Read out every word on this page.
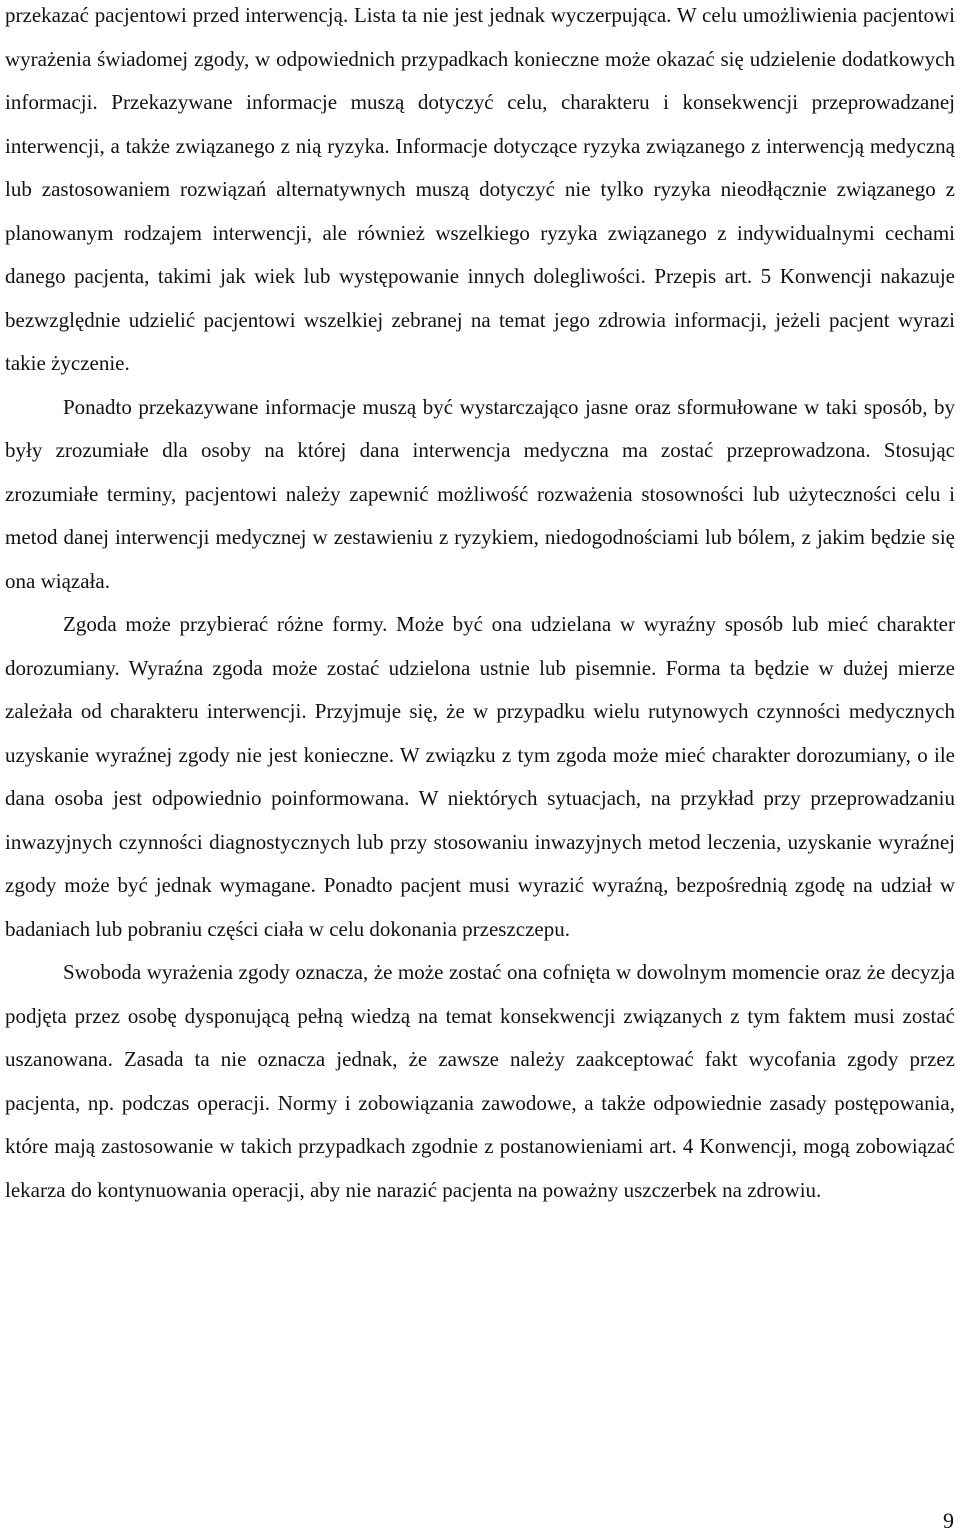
przekazać pacjentowi przed interwencją. Lista ta nie jest jednak wyczerpująca. W celu umożliwienia pacjentowi wyrażenia świadomej zgody, w odpowiednich przypadkach konieczne może okazać się udzielenie dodatkowych informacji. Przekazywane informacje muszą dotyczyć celu, charakteru i konsekwencji przeprowadzanej interwencji, a także związanego z nią ryzyka. Informacje dotyczące ryzyka związanego z interwencją medyczną lub zastosowaniem rozwiązań alternatywnych muszą dotyczyć nie tylko ryzyka nieodłącznie związanego z planowanym rodzajem interwencji, ale również wszelkiego ryzyka związanego z indywidualnymi cechami danego pacjenta, takimi jak wiek lub występowanie innych dolegliwości. Przepis art. 5 Konwencji nakazuje bezwzględnie udzielić pacjentowi wszelkiej zebranej na temat jego zdrowia informacji, jeżeli pacjent wyrazi takie życzenie.

Ponadto przekazywane informacje muszą być wystarczająco jasne oraz sformułowane w taki sposób, by były zrozumiałe dla osoby na której dana interwencja medyczna ma zostać przeprowadzona. Stosując zrozumiałe terminy, pacjentowi należy zapewnić możliwość rozważenia stosowności lub użyteczności celu i metod danej interwencji medycznej w zestawieniu z ryzykiem, niedogodnościami lub bólem, z jakim będzie się ona wiązała.

Zgoda może przybierać różne formy. Może być ona udzielana w wyraźny sposób lub mieć charakter dorozumiany. Wyraźna zgoda może zostać udzielona ustnie lub pisemnie. Forma ta będzie w dużej mierze zależała od charakteru interwencji. Przyjmuje się, że w przypadku wielu rutynowych czynności medycznych uzyskanie wyraźnej zgody nie jest konieczne. W związku z tym zgoda może mieć charakter dorozumiany, o ile dana osoba jest odpowiednio poinformowana. W niektórych sytuacjach, na przykład przy przeprowadzaniu inwazyjnych czynności diagnostycznych lub przy stosowaniu inwazyjnych metod leczenia, uzyskanie wyraźnej zgody może być jednak wymagane. Ponadto pacjent musi wyrazić wyraźną, bezpośrednią zgodę na udział w badaniach lub pobraniu części ciała w celu dokonania przeszczepu.

Swoboda wyrażenia zgody oznacza, że może zostać ona cofnięta w dowolnym momencie oraz że decyzja podjęta przez osobę dysponującą pełną wiedzą na temat konsekwencji związanych z tym faktem musi zostać uszanowana. Zasada ta nie oznacza jednak, że zawsze należy zaakceptować fakt wycofania zgody przez pacjenta, np. podczas operacji. Normy i zobowiązania zawodowe, a także odpowiednie zasady postępowania, które mają zastosowanie w takich przypadkach zgodnie z postanowieniami art. 4 Konwencji, mogą zobowiązać lekarza do kontynuowania operacji, aby nie narazić pacjenta na poważny uszczerbek na zdrowiu.

9
